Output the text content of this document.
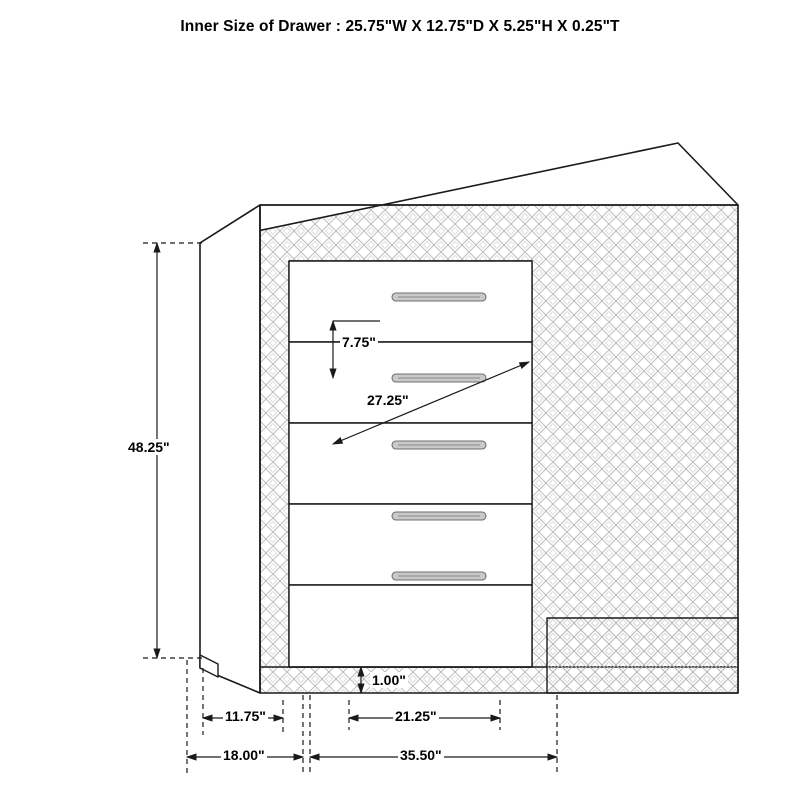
Inner Size of Drawer : 25.75"W X 12.75"D X 5.25"H X 0.25"T
48.25"
7.75"
27.25"
1.00"
11.75"
18.00"
21.25"
35.50"
